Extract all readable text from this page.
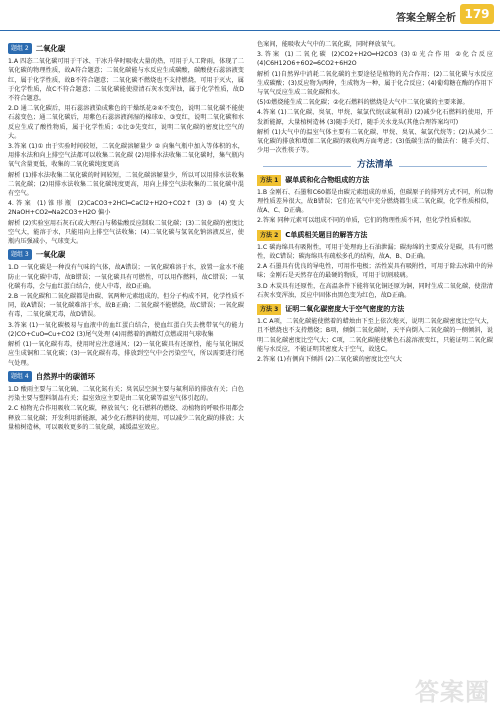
答案全解全析 179
题组 2 二氧化碳

1.A 四态二氧化碳可用于干冰、干冰升华时吸收大量的热，可用于人工降雨，体现了二氧化碳的物理性质，故A符合题意；二氧化碳能与水反应生成碳酸，碳酸使石蕊溶液变红，属于化学性质，故B不符合题意；二氧化碳不燃烧也不支持燃烧，可用于灭火，属于化学性质，故C不符合题意；二氧化碳能使澄清石灰水变浑浊，属于化学性质，故D不符合题意。

2.D 通二氧化碳后，用石蕊溶液染成紫色的干燥纸花②④不变色，说明二氧化碳不能使石蕊变色；通二氧化碳后，用紫色石蕊溶液润湿的棉球①、③变红，说明二氧化碳和水反应生成了酸性物质，属于化学性质；①比③先变红，说明二氧化碳的密度比空气的大。

3.答案 (1)① 由于实验时间较短，二氧化碳溶解量少 ② 向集气瓶中加入等体积的水，用排水法和向上排空气法都可以收集二氧化碳 (2)用排水法收集二氧化碳时，集气瓶内氧气含量更低，收集的二氧化碳纯度更高

解析 (1)排水法收集二氧化碳的时间较短，二氧化碳溶解量少，所以可以用排水法收集二氧化碳；(2)用排水法收集二氧化碳纯度更高，用向上排空气法收集的二氧化碳中混有空气。

4.答案 (1)锥形瓶 (2)CaCO3+2HCl═CaCl2+H2O+CO2↑ (3)③ (4)变大 2NaOH+CO2═Na2CO3+H2O 偏小

解析 (2)实验室用石灰石(或大理石)与稀盐酸反应制取二氧化碳；(3)二氧化碳的密度比空气大，能溶于水，只能用向上排空气法收集；(4)二氧化碳与氢氧化钠溶液反应，使瓶内压强减小，气球变大。

题组 3 一氧化碳

1.D 一氧化碳是一种没有气味的气体，故A错误；一氧化碳难溶于水，放置一盆水不能防止一氧化碳中毒，故B错误；一氧化碳具有可燃性，可以用作燃料，故C错误；一氧化碳有毒，会与血红蛋白结合，使人中毒，故D正确。

2.B 一氧化碳和二氧化碳都是由碳、氧两种元素组成的，但分子构成不同，化学性质不同，故A错误；一氧化碳难溶于水，故B正确；二氧化碳不能燃烧，故C错误；一氧化碳有毒，二氧化碳无毒，故D错误。

3.答案 (1)一氧化碳极易与血液中的血红蛋白结合，使血红蛋白失去携带氧气的能力 (2)CO+CuO═Cu+CO2 (3)尾气处理 (4)用燃着的酒精灯点燃或用气球收集

解析 (1)一氧化碳有毒，使用时应注意通风；(2)一氧化碳具有还原性，能与氧化铜反应生成铜和二氧化碳；(3)一氧化碳有毒，排放到空气中会污染空气，所以需要进行尾气处理。

题组 4 自然界中的碳循环

1.D 酸雨主要与二氧化硫、二氧化氮有关；臭氧层空洞主要与氟利昂的排放有关；白色污染主要与塑料制品有关；温室效应主要是由二氧化碳等温室气体引起的。

2.C 植物光合作用吸收二氧化碳，释放氧气；化石燃料的燃烧、动植物的呼吸作用都会释放二氧化碳；开发利用新能源，减少化石燃料的使用，可以减少二氧化碳的排放；大量植树造林，可以吸收更多的二氧化碳，减缓温室效应。

色案间，能吸收大气中的二氧化碳，同时释放氧气。

3.答案 (1)二氧化碳 (2)CO2+H2O═H2CO3 (3)①光合作用 ②化合反应 (4)C6H12O6+6O2═6CO2+6H2O

解析 (1)自然界中消耗二氧化碳的主要途径是植物的光合作用；(2)二氧化碳与水反应生成碳酸；(3)反应物为两种，生成物为一种，属于化合反应；(4)葡萄糖在酶的作用下与氧气反应生成二氧化碳和水。

(5)①燃烧能生成二氧化碳；②化石燃料的燃烧是大气中二氧化碳的主要来源。

4.答案 (1)二氧化碳、臭氧、甲烷、氟氯代烷(或氟利昂) (2)减少化石燃料的使用，开发新能源，大量植树造林 (3)随手关灯，随手关水龙头(其他合理答案均可)

解析 (1)大气中的温室气体主要有二氧化碳、甲烷、臭氧、氟氯代烷等；(2)从减少二氧化碳的排放和增加二氧化碳的吸收两方面考虑；(3)低碳生活的做法有：随手关灯、少用一次性筷子等。

方法清单
方法 1	碳单质和化合物组成的方法

1.B 金刚石、石墨和C60都是由碳元素组成的单质，但碳原子的排列方式不同，所以物理性质差异很大，故B错误；它们在氧气中充分燃烧都生成二氧化碳，化学性质相似，故A、C、D正确。

2.答案 同种元素可以组成不同的单质，它们的物理性质不同，但化学性质相似。

方法 2	C单质相关题目的解答方法

1.C 碳海绵具有吸附性，可用于处理海上石油泄漏；碳海绵的主要成分是碳，具有可燃性，故C错误；碳海绵具有疏松多孔的结构，故A、B、D正确。

2.A 石墨具有优良的导电性，可用作电极；活性炭具有吸附性，可用于除去冰箱中的异味；金刚石是天然存在的最硬的物质，可用于切割玻璃。

3.D 木炭具有还原性，在高温条件下能将氧化铜还原为铜，同时生成二氧化碳，使澄清石灰水变浑浊，反应中固体由黑色变为红色，故D正确。

方法 3	证明二氧化碳密度大于空气密度的方法

1.C A项，二氧化碳能使燃着的蜡烛由下至上依次熄灭，说明二氧化碳密度比空气大，且不燃烧也不支持燃烧；B项，倾倒二氧化碳时，天平向倒入二氧化碳的一侧倾斜，说明二氧化碳密度比空气大；C项，二氧化碳能使紫色石蕊溶液变红，只能证明二氧化碳能与水反应，不能证明其密度大于空气，故选C。

2.答案 (1)有侧向下倾斜 (2)二氧化碳的密度比空气大

答案圈
